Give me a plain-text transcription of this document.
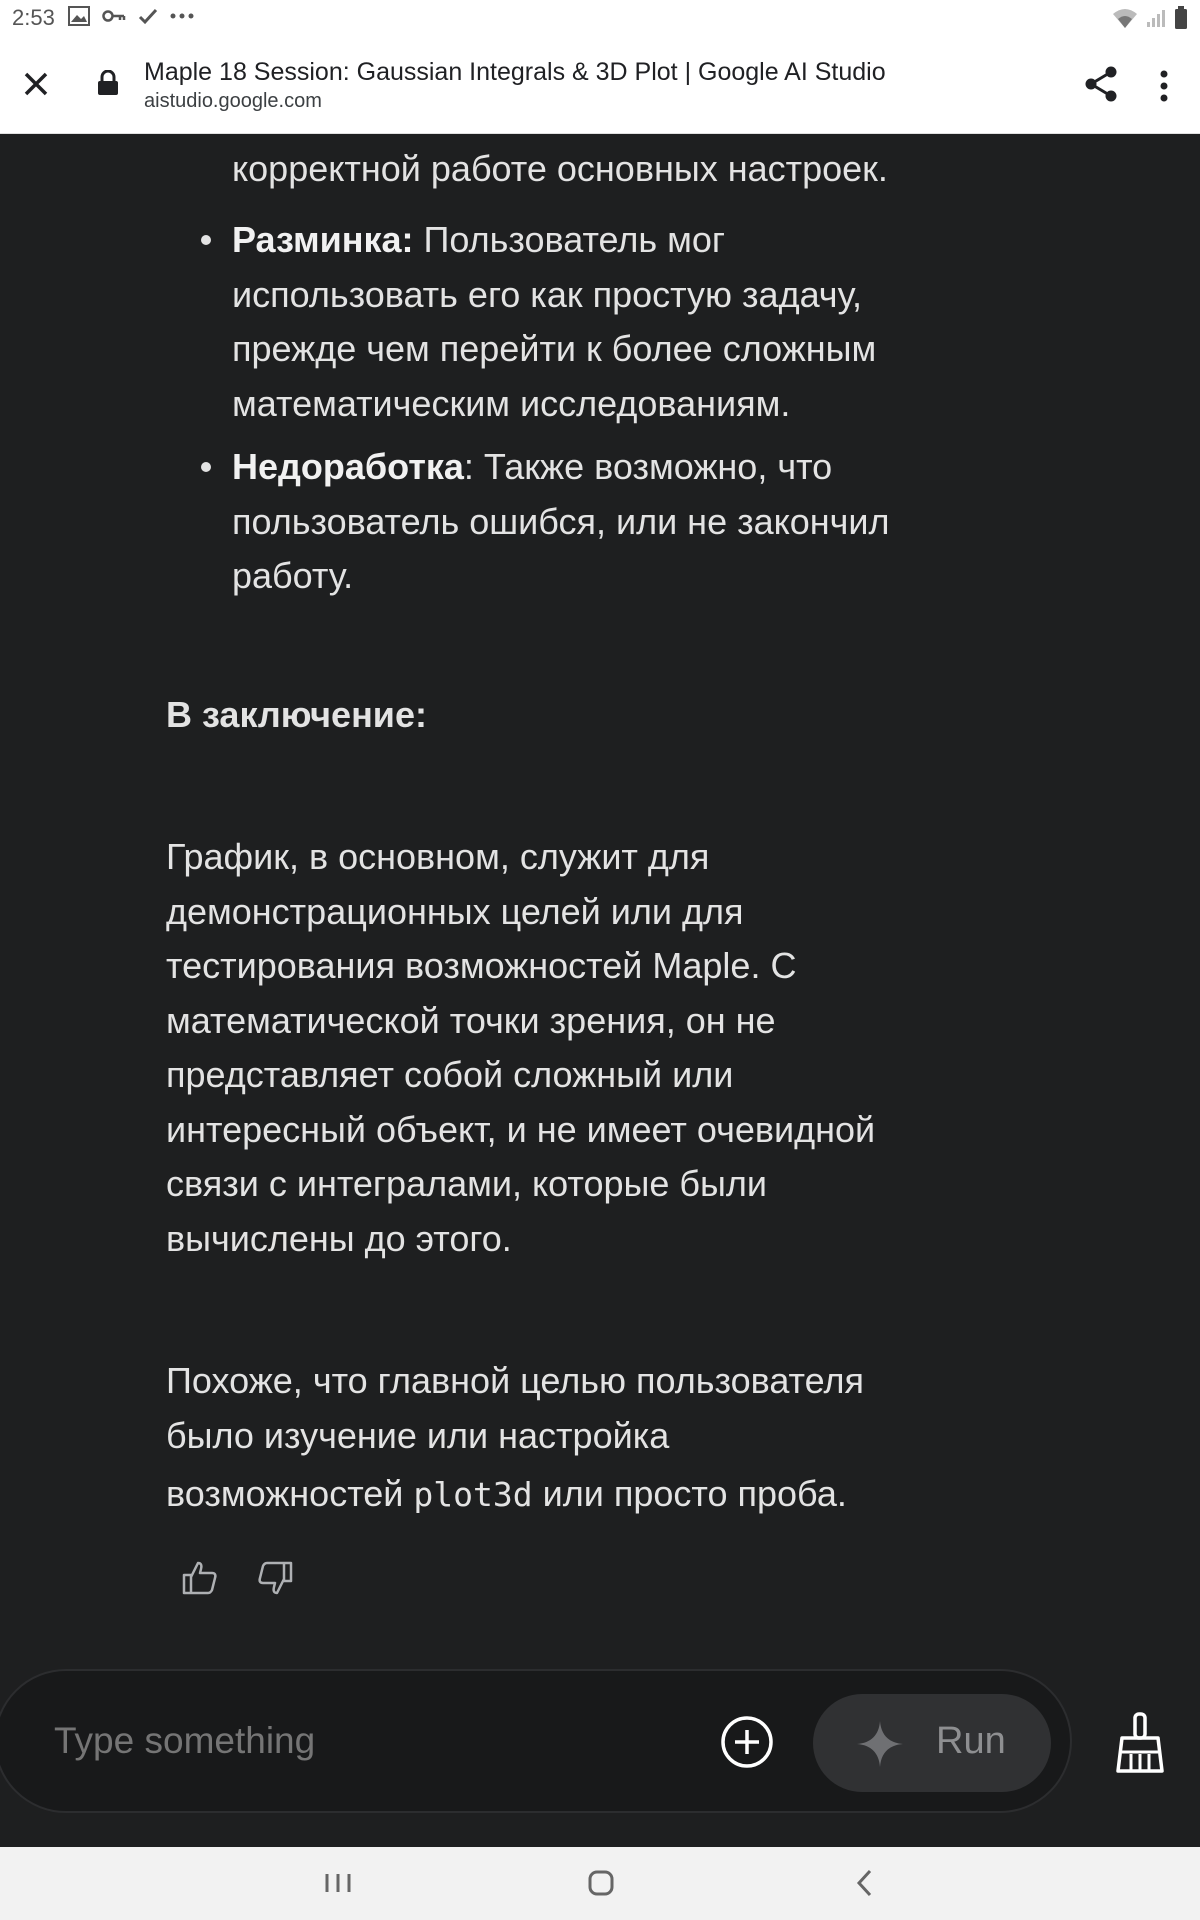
2:53
Maple 18 Session: Gaussian Integrals & 3D Plot | Google AI Studio
aistudio.google.com
корректной работе основных настроек.
Разминка: Пользователь мог
использовать его как простую задачу,
прежде чем перейти к более сложным
математическим исследованиям.
Недоработка: Также возможно, что
пользователь ошибся, или не закончил
работу.
В заключение:
График, в основном, служит для
демонстрационных целей или для
тестирования возможностей Maple. С
математической точки зрения, он не
представляет собой сложный или
интересный объект, и не имеет очевидной
связи с интегралами, которые были
вычислены до этого.
Похоже, что главной целью пользователя
было изучение или настройка
возможностей plot3d или просто проба.
Type something
Run
